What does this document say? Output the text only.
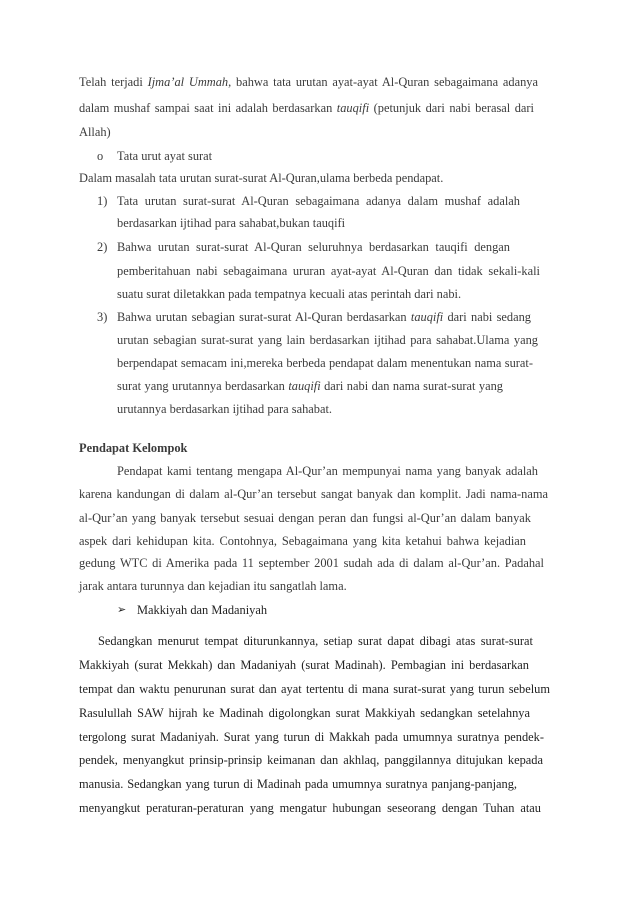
Telah terjadi Ijma’al Ummah, bahwa tata urutan ayat-ayat Al-Quran sebagaimana adanya
dalam mushaf sampai saat ini adalah berdasarkan tauqifi (petunjuk dari nabi berasal dari
Allah)
o Tata urut ayat surat
Dalam masalah tata urutan surat-surat Al-Quran,ulama berbeda pendapat.
1) Tata urutan surat-surat Al-Quran sebagaimana adanya dalam mushaf adalah
berdasarkan ijtihad para sahabat,bukan tauqifi
2) Bahwa urutan surat-surat Al-Quran seluruhnya berdasarkan tauqifi dengan
pemberitahuan nabi sebagaimana ururan ayat-ayat Al-Quran dan tidak sekali-kali
suatu surat diletakkan pada tempatnya kecuali atas perintah dari nabi.
3) Bahwa urutan sebagian surat-surat Al-Quran berdasarkan tauqifi dari nabi sedang
urutan sebagian surat-surat yang lain berdasarkan ijtihad para sahabat.Ulama yang
berpendapat semacam ini,mereka berbeda pendapat dalam menentukan nama surat-
surat yang urutannya berdasarkan tauqifi dari nabi dan nama surat-surat yang
urutannya berdasarkan ijtihad para sahabat.
Pendapat Kelompok
Pendapat kami tentang mengapa Al-Qur’an mempunyai nama yang banyak adalah
karena kandungan di dalam al-Qur’an tersebut sangat banyak dan komplit. Jadi nama-nama
al-Qur’an yang banyak tersebut sesuai dengan peran dan fungsi al-Qur’an dalam banyak
aspek dari kehidupan kita. Contohnya, Sebagaimana yang kita ketahui bahwa kejadian
gedung WTC di Amerika pada 11 september 2001 sudah ada di dalam al-Qur’an. Padahal
jarak antara turunnya dan kejadian itu sangatlah lama.
➢ Makkiyah dan Madaniyah
Sedangkan menurut tempat diturunkannya, setiap surat dapat dibagi atas surat-surat
Makkiyah (surat Mekkah) dan Madaniyah (surat Madinah). Pembagian ini berdasarkan
tempat dan waktu penurunan surat dan ayat tertentu di mana surat-surat yang turun sebelum
Rasulullah SAW hijrah ke Madinah digolongkan surat Makkiyah sedangkan setelahnya
tergolong surat Madaniyah. Surat yang turun di Makkah pada umumnya suratnya pendek-
pendek, menyangkut prinsip-prinsip keimanan dan akhlaq, panggilannya ditujukan kepada
manusia. Sedangkan yang turun di Madinah pada umumnya suratnya panjang-panjang,
menyangkut peraturan-peraturan yang mengatur hubungan seseorang dengan Tuhan atau
